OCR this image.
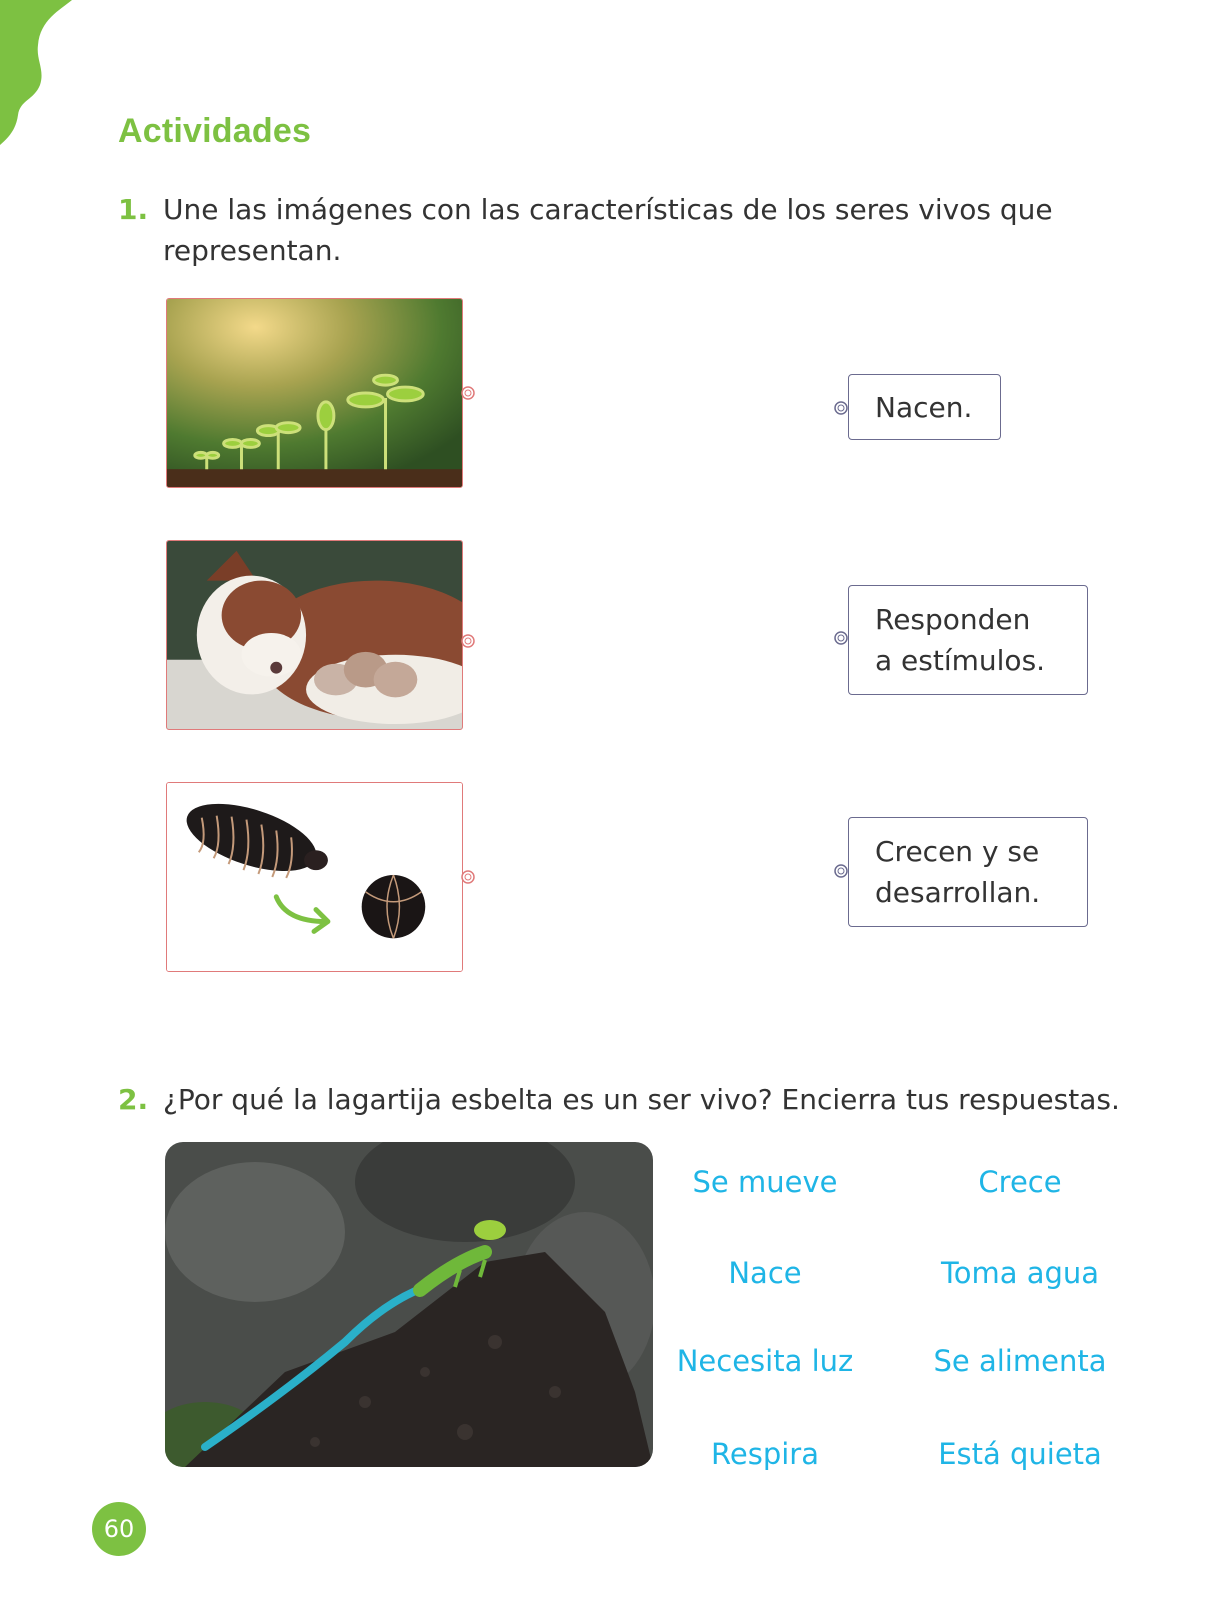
Actividades
1. Une las imágenes con las características de los seres vivos que representan.
Nacen.
Responden
a estímulos.
Crecen y se
desarrollan.
2. ¿Por qué la lagartija esbelta es un ser vivo? Encierra tus respuestas.
Se mueve	Crece
Nace	Toma agua
Necesita luz	Se alimenta
Respira	Está quieta
60
